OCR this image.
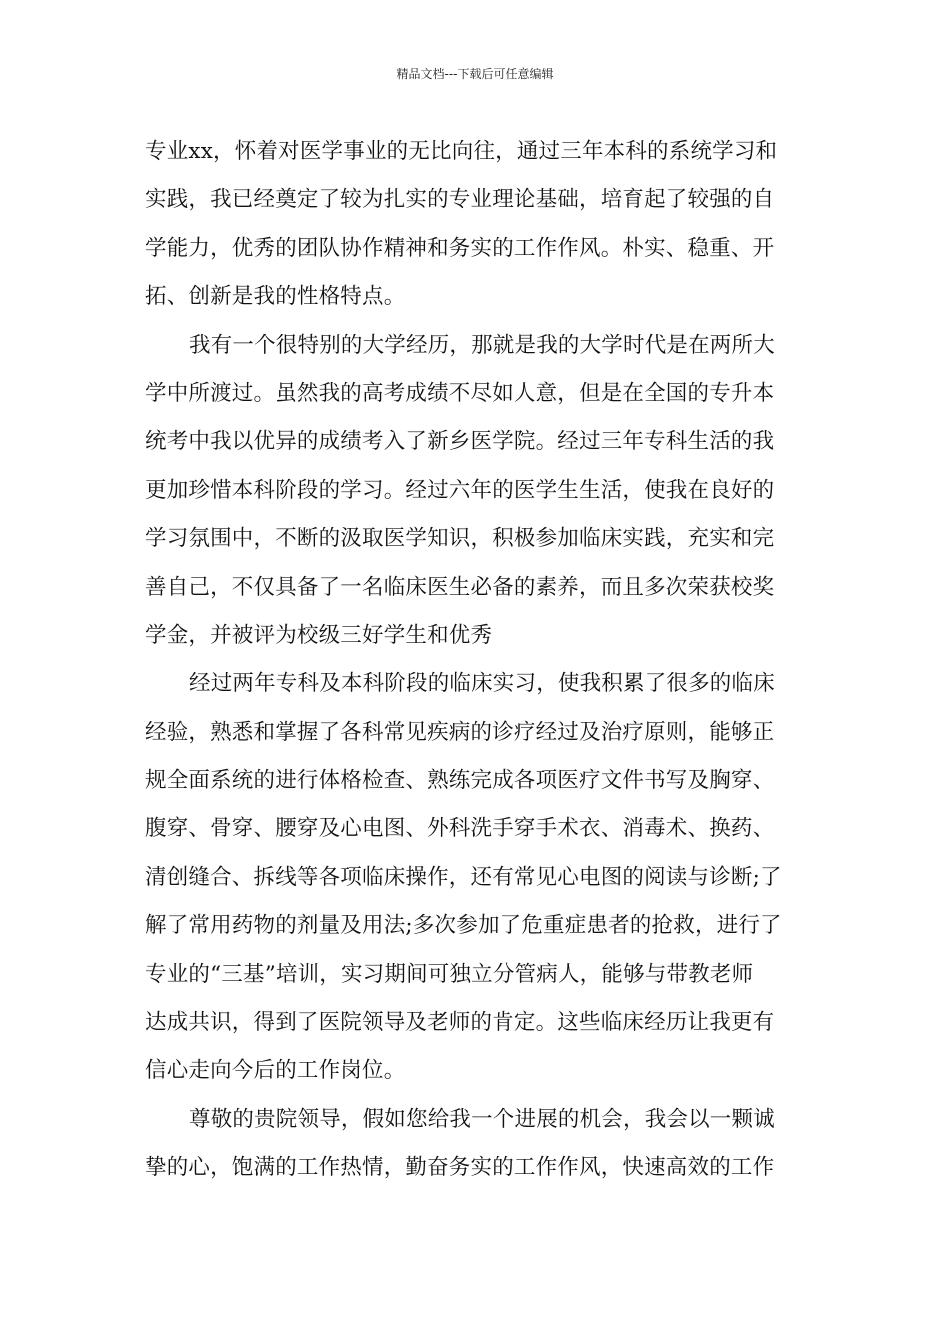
精品文档---下载后可任意编辑
专业xx，怀着对医学事业的无比向往，通过三年本科的系统学习和
实践，我已经奠定了较为扎实的专业理论基础，培育起了较强的自
学能力，优秀的团队协作精神和务实的工作作风。朴实、稳重、开
拓、创新是我的性格特点。
我有一个很特别的大学经历，那就是我的大学时代是在两所大
学中所渡过。虽然我的高考成绩不尽如人意，但是在全国的专升本
统考中我以优异的成绩考入了新乡医学院。经过三年专科生活的我
更加珍惜本科阶段的学习。经过六年的医学生生活，使我在良好的
学习氛围中，不断的汲取医学知识，积极参加临床实践，充实和完
善自己，不仅具备了一名临床医生必备的素养，而且多次荣获校奖
学金，并被评为校级三好学生和优秀
经过两年专科及本科阶段的临床实习，使我积累了很多的临床
经验，熟悉和掌握了各科常见疾病的诊疗经过及治疗原则，能够正
规全面系统的进行体格检查、熟练完成各项医疗文件书写及胸穿、
腹穿、骨穿、腰穿及心电图、外科洗手穿手术衣、消毒术、换药、
清创缝合、拆线等各项临床操作，还有常见心电图的阅读与诊断;了
解了常用药物的剂量及用法;多次参加了危重症患者的抢救，进行了
专业的“三基”培训，实习期间可独立分管病人，能够与带教老师
达成共识，得到了医院领导及老师的肯定。这些临床经历让我更有
信心走向今后的工作岗位。
尊敬的贵院领导，假如您给我一个进展的机会，我会以一颗诚
挚的心，饱满的工作热情，勤奋务实的工作作风，快速高效的工作
